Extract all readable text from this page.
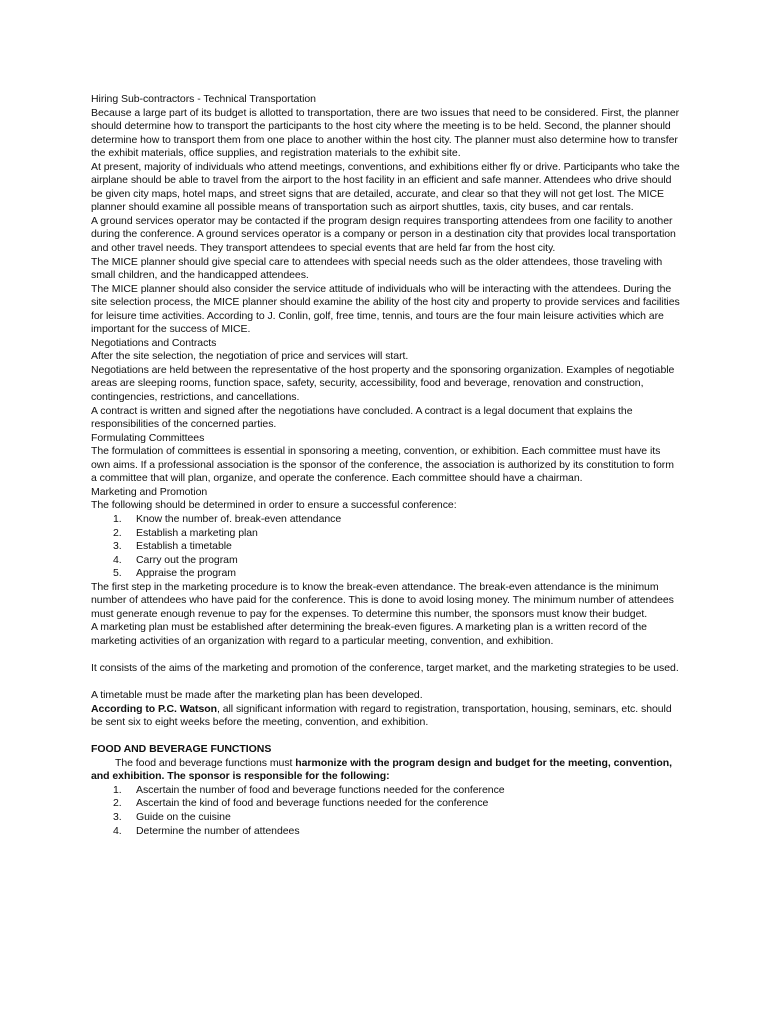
Hiring Sub-contractors - Technical Transportation

Because a large part of its budget is allotted to transportation, there are two issues that need to be considered. First, the planner should determine how to transport the participants to the host city where the meeting is to be held. Second, the planner should determine how to transport them from one place to another within the host city. The planner must also determine how to transfer the exhibit materials, office supplies, and registration materials to the exhibit site.

At present, majority of individuals who attend meetings, conventions, and exhibitions either fly or drive. Participants who take the airplane should be able to travel from the airport to the host facility in an efficient and safe manner. Attendees who drive should be given city maps, hotel maps, and street signs that are detailed, accurate, and clear so that they will not get lost. The MICE planner should examine all possible means of transportation such as airport shuttles, taxis, city buses, and car rentals.

A ground services operator may be contacted if the program design requires transporting attendees from one facility to another during the conference. A ground services operator is a company or person in a destination city that provides local transportation and other travel needs. They transport attendees to special events that are held far from the host city.

The MICE planner should give special care to attendees with special needs such as the older attendees, those traveling with small children, and the handicapped attendees.

The MICE planner should also consider the service attitude of individuals who will be interacting with the attendees. During the site selection process, the MICE planner should examine the ability of the host city and property to provide services and facilities for leisure time activities. According to J. Conlin, golf, free time, tennis, and tours are the four main leisure activities which are important for the success of MICE.

Negotiations and Contracts

After the site selection, the negotiation of price and services will start.

Negotiations are held between the representative of the host property and the sponsoring organization. Examples of negotiable areas are sleeping rooms, function space, safety, security, accessibility, food and beverage, renovation and construction, contingencies, restrictions, and cancellations.

A contract is written and signed after the negotiations have concluded. A contract is a legal document that explains the responsibilities of the concerned parties.

Formulating Committees

The formulation of committees is essential in sponsoring a meeting, convention, or exhibition. Each committee must have its own aims. If a professional association is the sponsor of the conference, the association is authorized by its constitution to form a committee that will plan, organize, and operate the conference. Each committee should have a chairman.

Marketing and Promotion

The following should be determined in order to ensure a successful conference:

1. Know the number of. break-even attendance
2. Establish a marketing plan
3. Establish a timetable
4. Carry out the program
5. Appraise the program

The first step in the marketing procedure is to know the break-even attendance. The break-even attendance is the minimum number of attendees who have paid for the conference. This is done to avoid losing money. The minimum number of attendees must generate enough revenue to pay for the expenses. To determine this number, the sponsors must know their budget.

A marketing plan must be established after determining the break-even figures. A marketing plan is a written record of the marketing activities of an organization with regard to a particular meeting, convention, and exhibition.

It consists of the aims of the marketing and promotion of the conference, target market, and the marketing strategies to be used.

A timetable must be made after the marketing plan has been developed.

According to P.C. Watson, all significant information with regard to registration, transportation, housing, seminars, etc. should be sent six to eight weeks before the meeting, convention, and exhibition.

FOOD AND BEVERAGE FUNCTIONS

The food and beverage functions must harmonize with the program design and budget for the meeting, convention, and exhibition. The sponsor is responsible for the following:

1. Ascertain the number of food and beverage functions needed for the conference
2. Ascertain the kind of food and beverage functions needed for the conference
3. Guide on the cuisine
4. Determine the number of attendees
